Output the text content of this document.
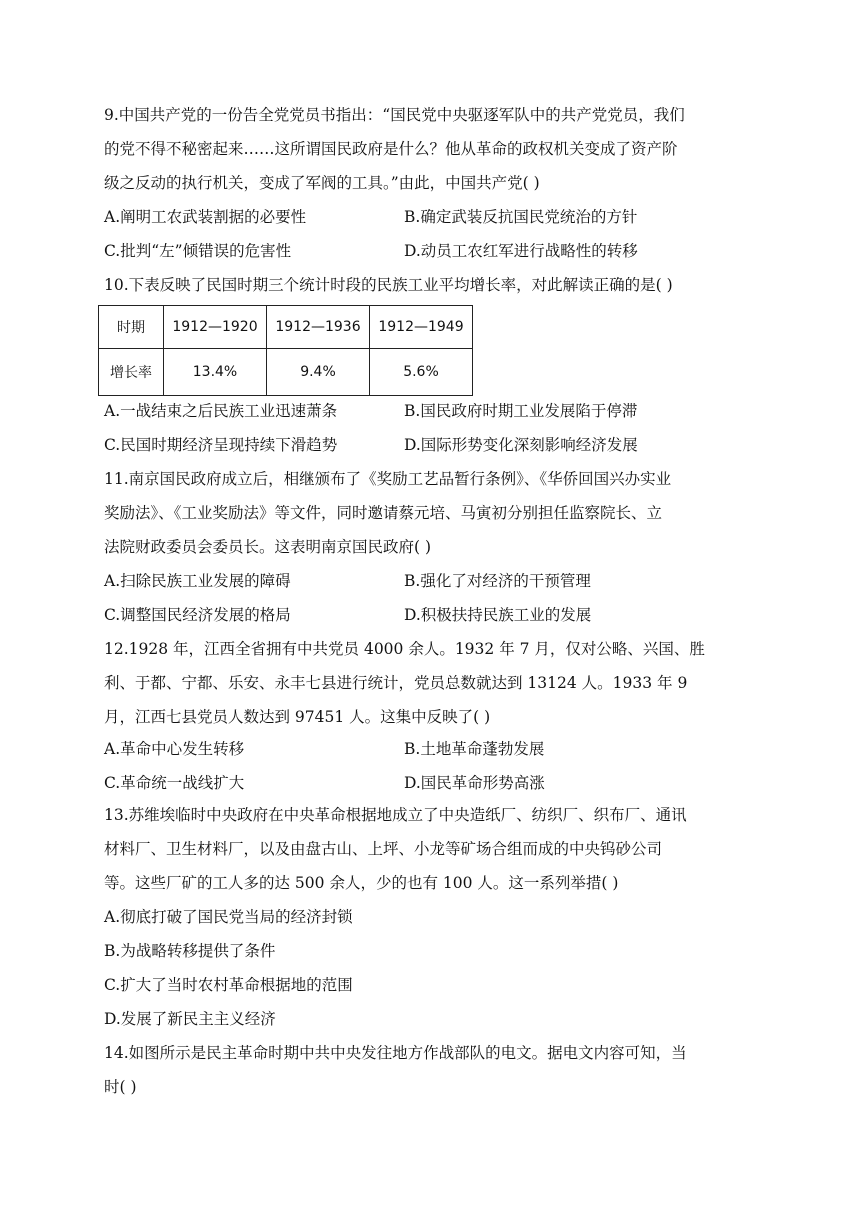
9.中国共产党的一份告全党党员书指出：“国民党中央驱逐军队中的共产党党员，我们
的党不得不秘密起来……这所谓国民政府是什么？他从革命的政权机关变成了资产阶
级之反动的执行机关，变成了军阀的工具。”由此，中国共产党( )
A.阐明工农武装割据的必要性	B.确定武装反抗国民党统治的方针
C.批判“左”倾错误的危害性	D.动员工农红军进行战略性的转移
10.下表反映了民国时期三个统计时段的民族工业平均增长率，对此解读正确的是( )
时期	1912—1920	1912—1936	1912—1949
增长率	13.4%	9.4%	5.6%
A.一战结束之后民族工业迅速萧条	B.国民政府时期工业发展陷于停滞
C.民国时期经济呈现持续下滑趋势	D.国际形势变化深刻影响经济发展
11.南京国民政府成立后，相继颁布了《奖励工艺品暂行条例》、《华侨回国兴办实业
奖励法》、《工业奖励法》等文件，同时邀请蔡元培、马寅初分别担任监察院长、立
法院财政委员会委员长。这表明南京国民政府( )
A.扫除民族工业发展的障碍	B.强化了对经济的干预管理
C.调整国民经济发展的格局	D.积极扶持民族工业的发展
12.1928 年，江西全省拥有中共党员 4000 余人。1932 年 7 月，仅对公略、兴国、胜
利、于都、宁都、乐安、永丰七县进行统计，党员总数就达到 13124 人。1933 年 9
月，江西七县党员人数达到 97451 人。这集中反映了( )
A.革命中心发生转移	B.土地革命蓬勃发展
C.革命统一战线扩大	D.国民革命形势高涨
13.苏维埃临时中央政府在中央革命根据地成立了中央造纸厂、纺织厂、织布厂、通讯
材料厂、卫生材料厂，以及由盘古山、上坪、小龙等矿场合组而成的中央钨砂公司
等。这些厂矿的工人多的达 500 余人，少的也有 100 人。这一系列举措( )
A.彻底打破了国民党当局的经济封锁
B.为战略转移提供了条件
C.扩大了当时农村革命根据地的范围
D.发展了新民主主义经济
14.如图所示是民主革命时期中共中央发往地方作战部队的电文。据电文内容可知，当
时( )
